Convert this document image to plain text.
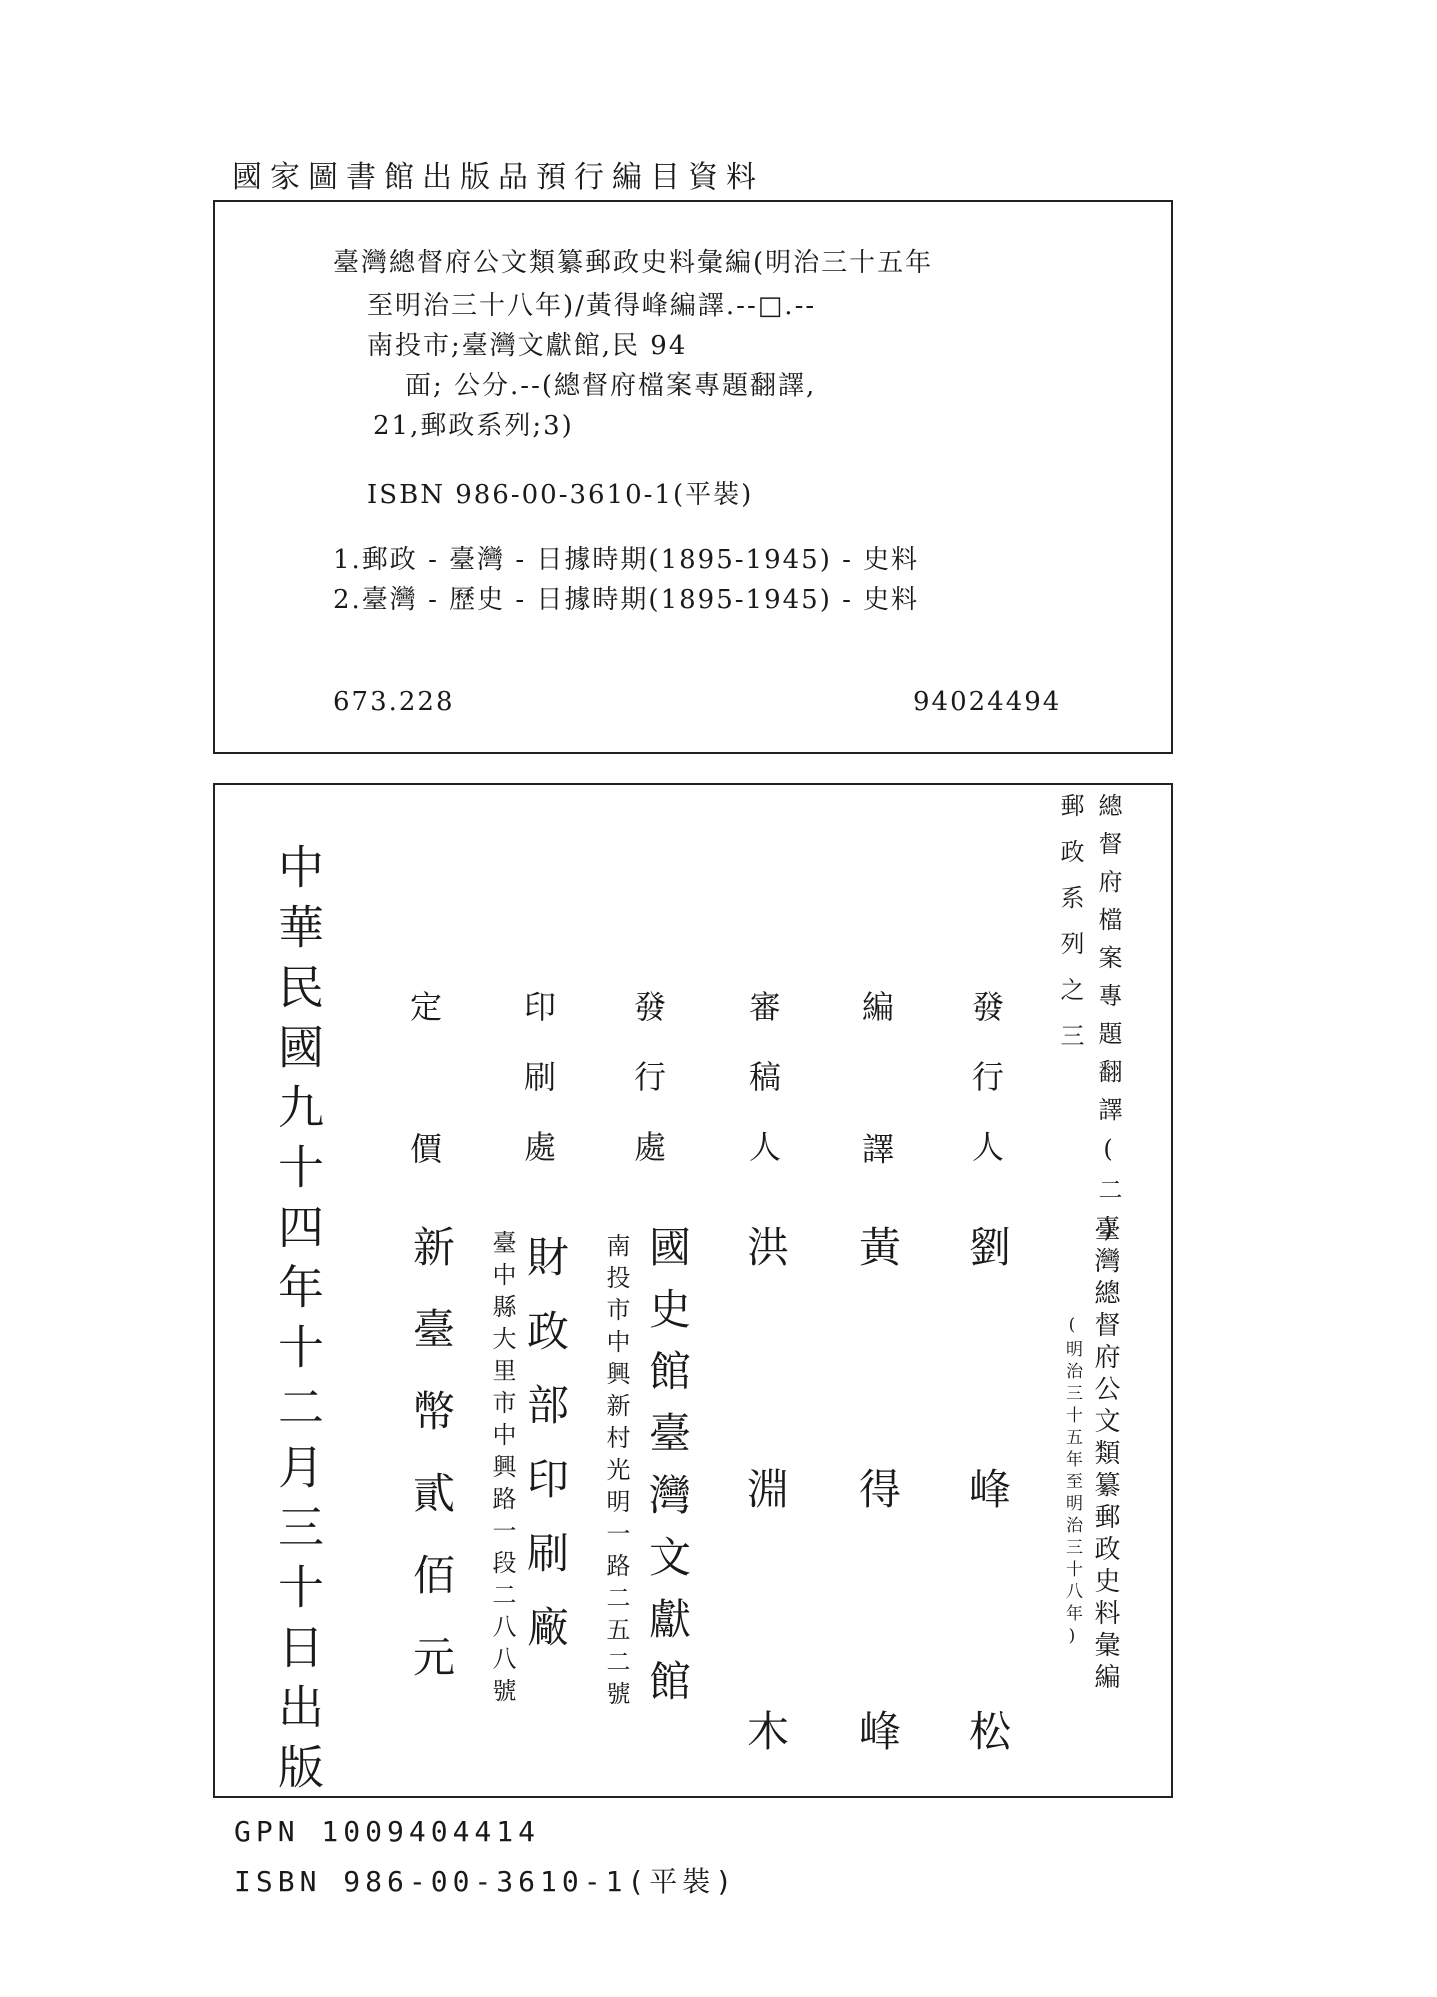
國家圖書館出版品預行編目資料
臺灣總督府公文類纂郵政史料彙編(明治三十五年
至明治三十八年)/黃得峰編譯.--□.--
南投市;臺灣文獻館,民 94
面; 公分.--(總督府檔案專題翻譯,
21,郵政系列;3)
ISBN 986-00-3610-1(平裝)
1.郵政 - 臺灣 - 日據時期(1895-1945) - 史料
2.臺灣 - 歷史 - 日據時期(1895-1945) - 史料
673.228	94024494
總督府檔案專題翻譯(二)
郵政系列之三
臺灣總督府公文類纂郵政史料彙編
(明治三十五年至明治三十八年)
發行人
編譯
審稿人
發行處
印刷處
定價
劉峰松
黃得峰
洪淵木
國史館臺灣文獻館
南投市中興新村光明一路二五二號
財政部印刷廠
臺中縣大里市中興路一段二八八號
新臺幣貳佰元
中華民國九十四年十二月三十日出版
GPN 1009404414
ISBN 986-00-3610-1(平裝)
